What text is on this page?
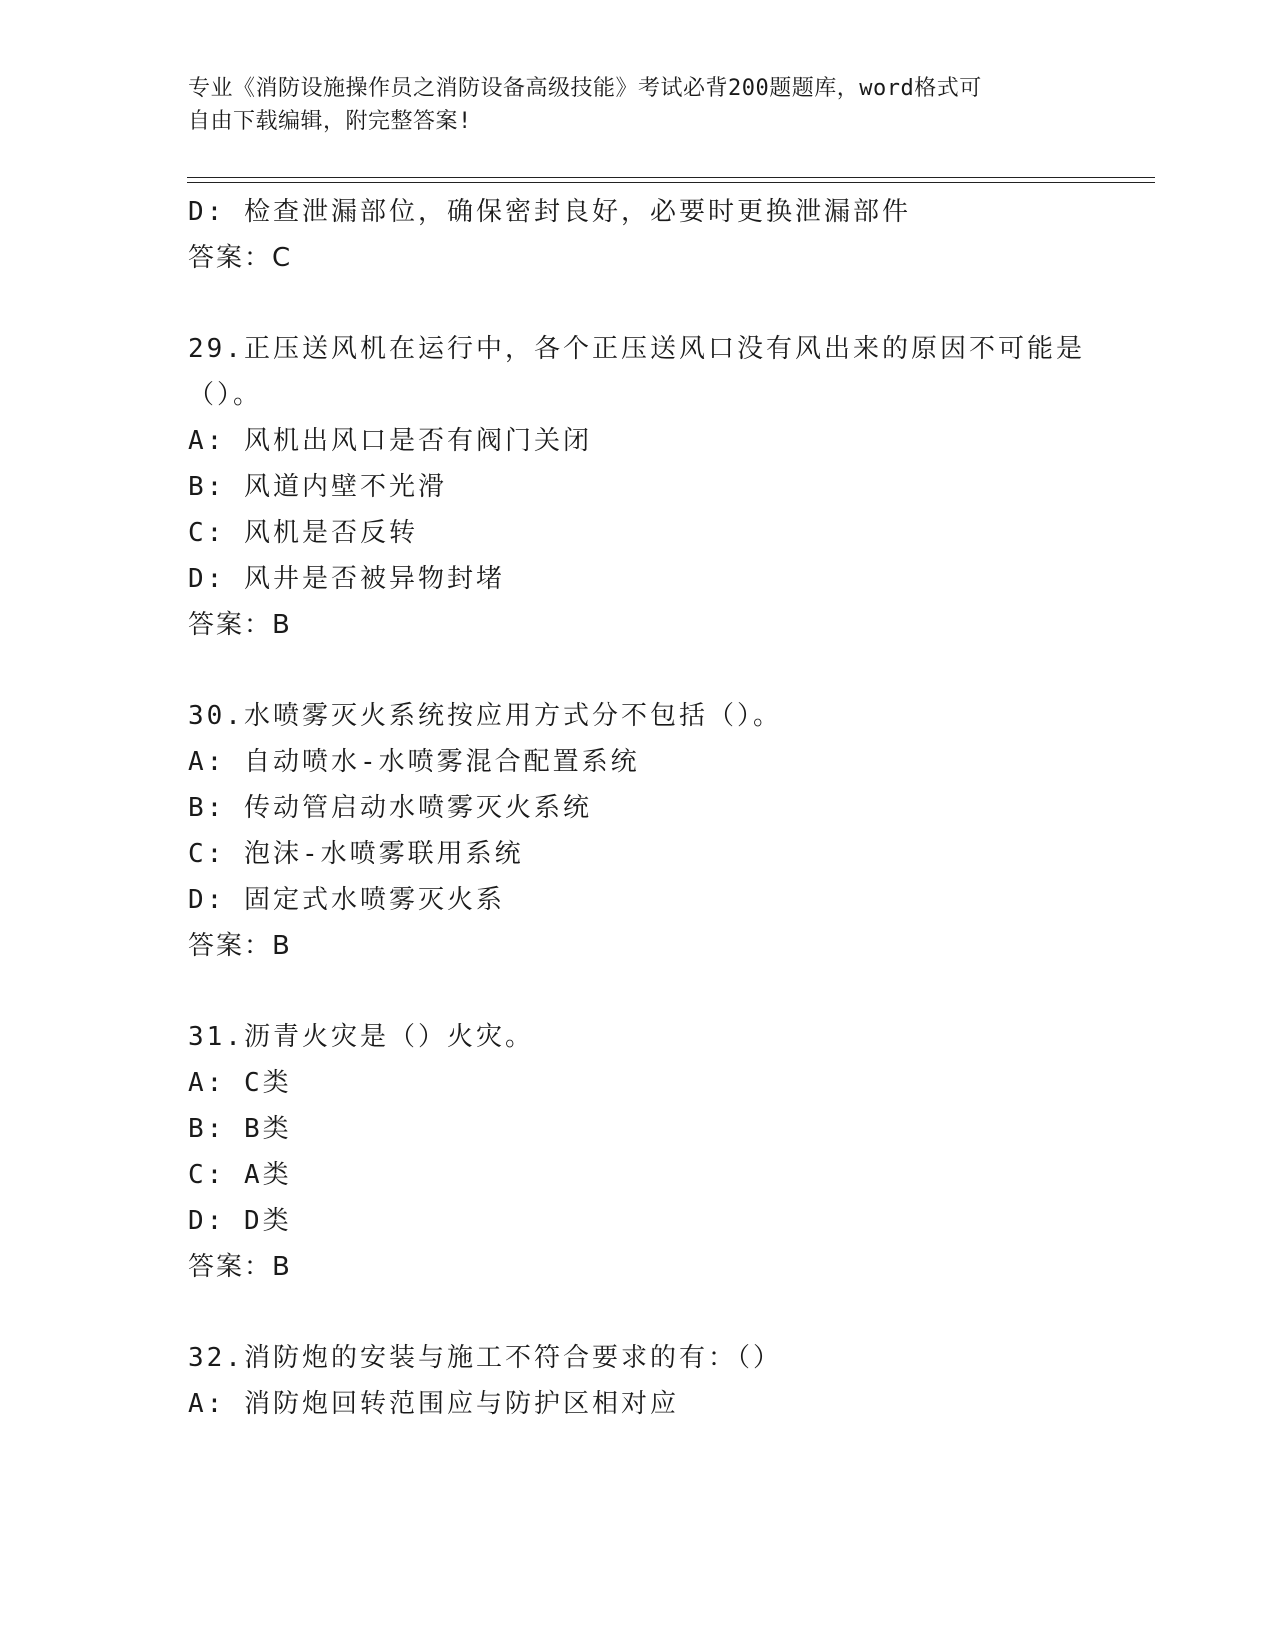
专业《消防设施操作员之消防设备高级技能》考试必背200题题库，word格式可
自由下载编辑，附完整答案!
D: 检查泄漏部位，确保密封良好，必要时更换泄漏部件
答案：C
29.正压送风机在运行中，各个正压送风口没有风出来的原因不可能是
（）。
A: 风机出风口是否有阀门关闭
B: 风道内壁不光滑
C: 风机是否反转
D: 风井是否被异物封堵
答案：B
30.水喷雾灭火系统按应用方式分不包括（）。
A: 自动喷水-水喷雾混合配置系统
B: 传动管启动水喷雾灭火系统
C: 泡沫-水喷雾联用系统
D: 固定式水喷雾灭火系
答案：B
31.沥青火灾是（）火灾。
A: C类
B: B类
C: A类
D: D类
答案：B
32.消防炮的安装与施工不符合要求的有：（）
A: 消防炮回转范围应与防护区相对应
